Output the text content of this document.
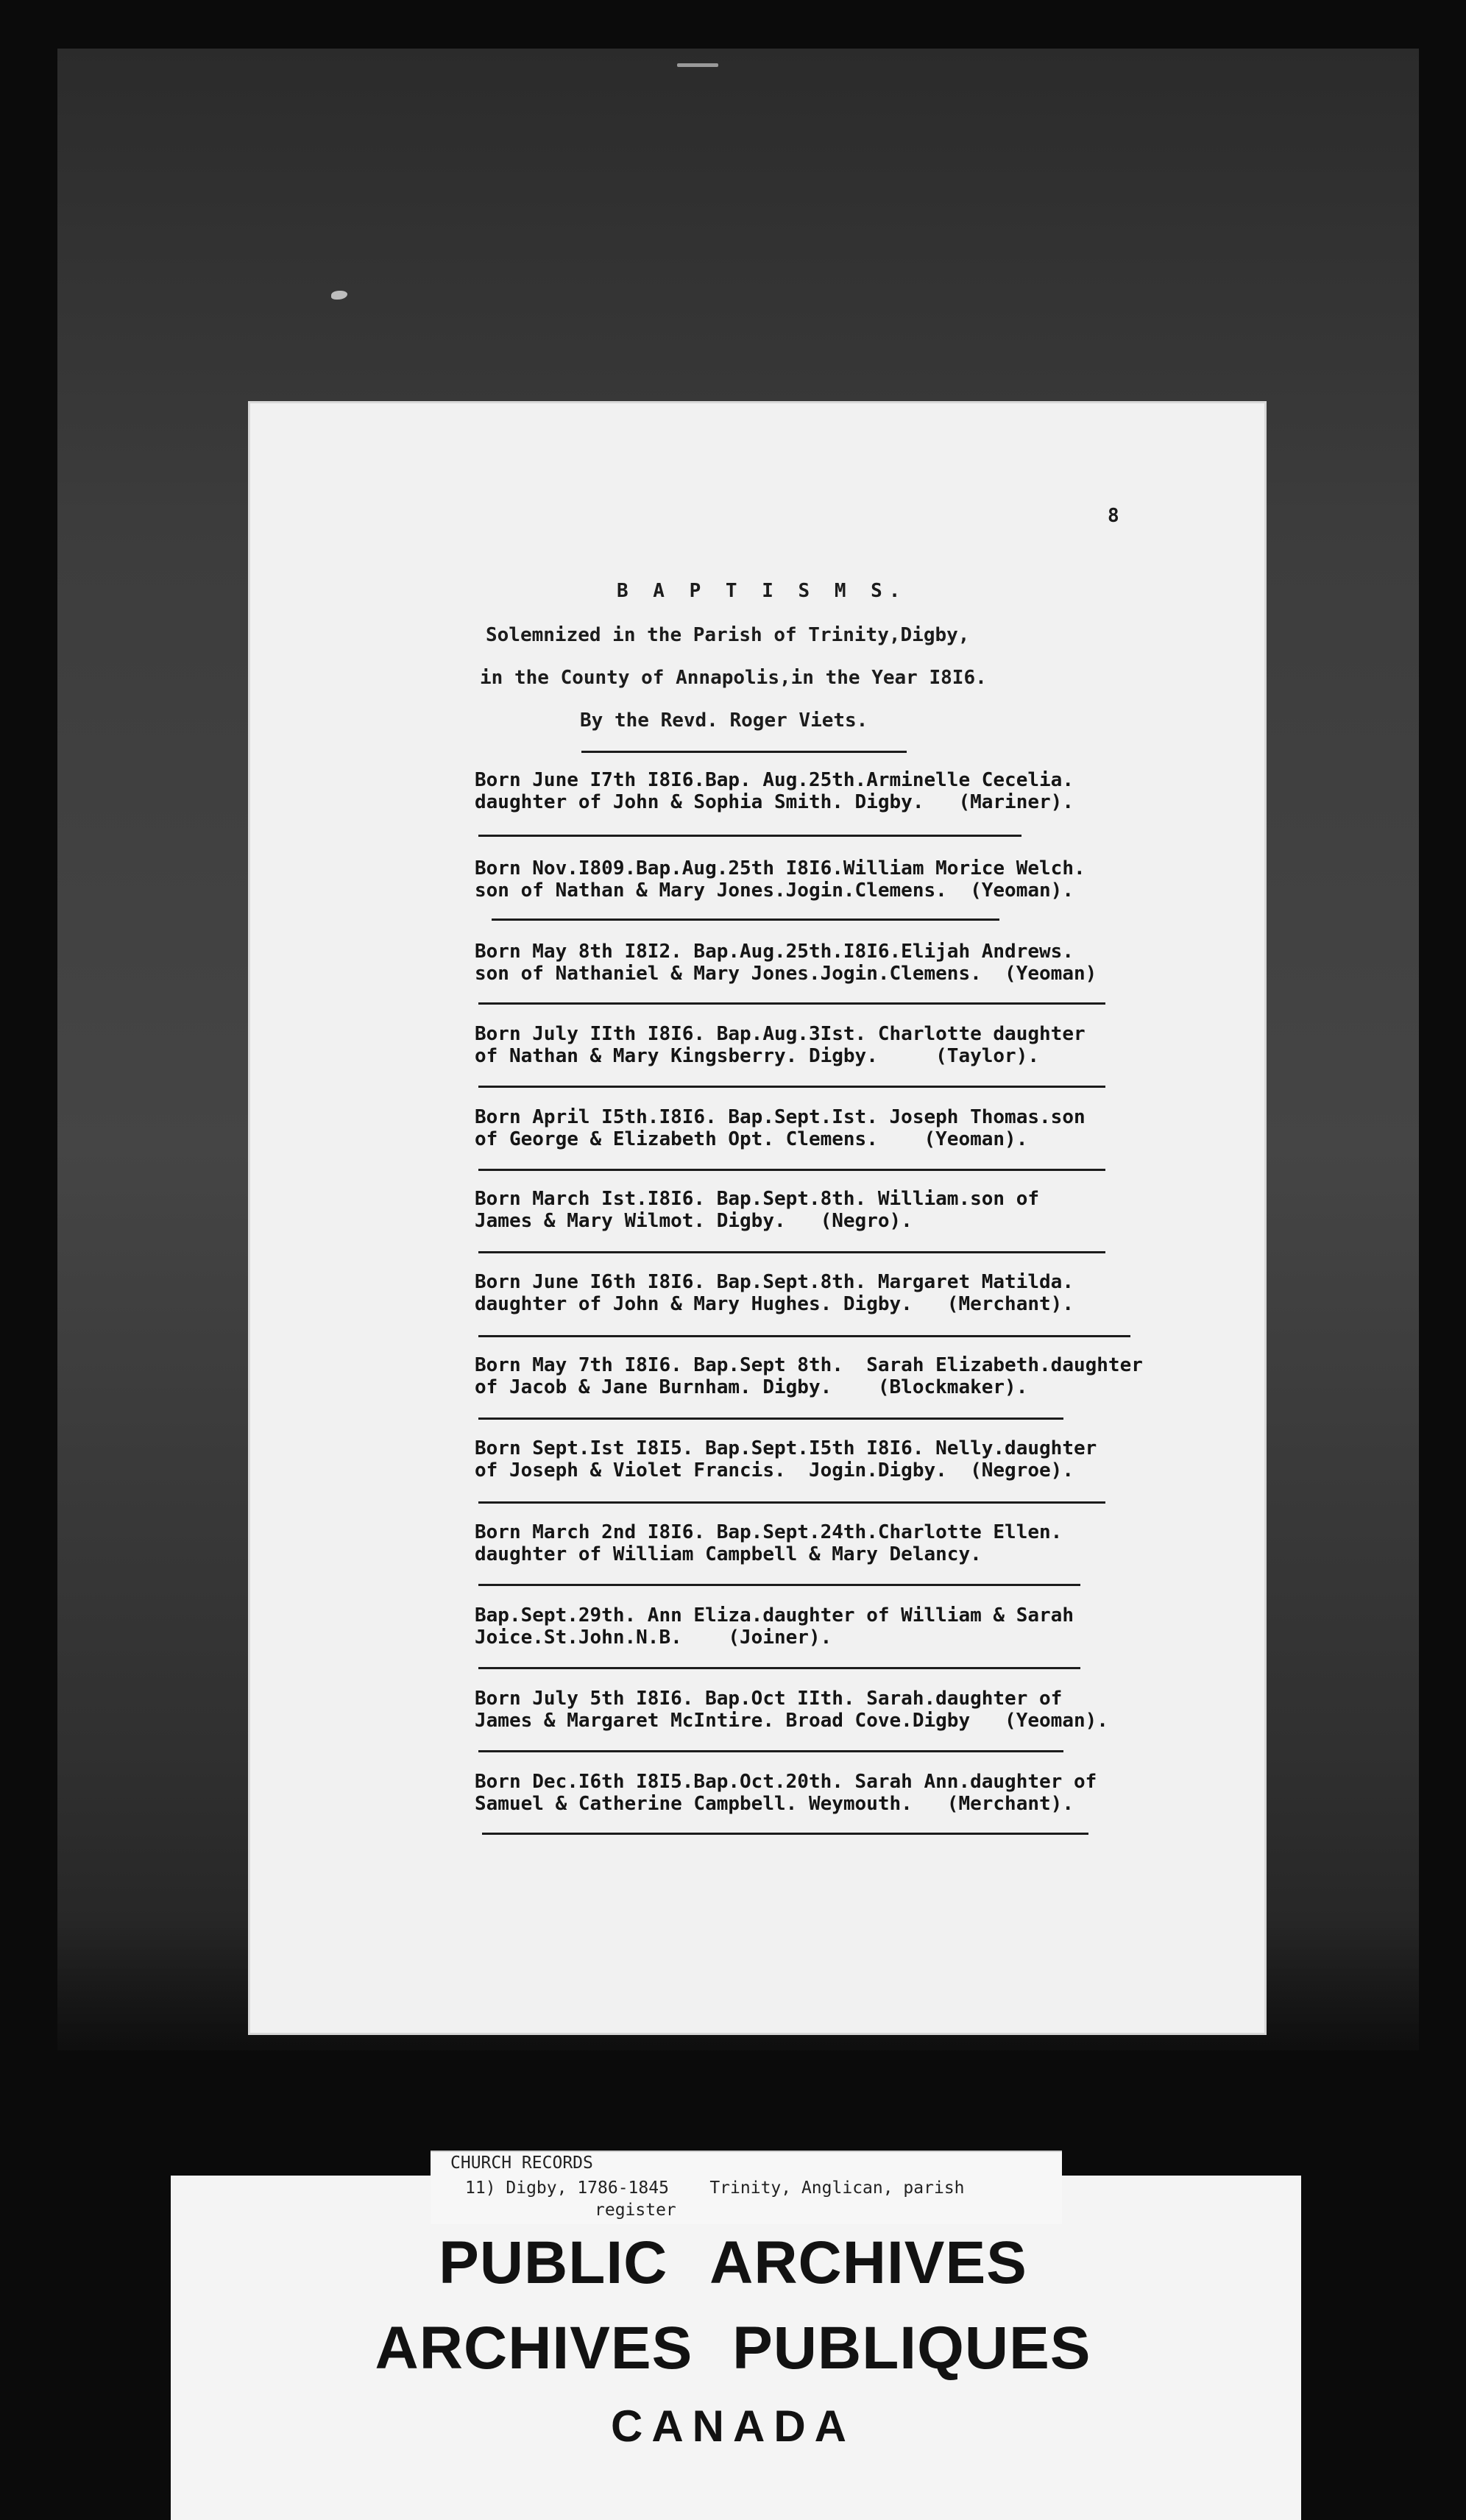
8
B A P T I S M S.
Solemnized in the Parish of Trinity,Digby,
in the County of Annapolis,in the Year I8I6.
By the Revd. Roger Viets.
Born June I7th I8I6.Bap. Aug.25th.Arminelle Cecelia.
daughter of John & Sophia Smith. Digby.   (Mariner).
Born Nov.I809.Bap.Aug.25th I8I6.William Morice Welch.
son of Nathan & Mary Jones.Jogin.Clemens.  (Yeoman).
Born May 8th I8I2. Bap.Aug.25th.I8I6.Elijah Andrews.
son of Nathaniel & Mary Jones.Jogin.Clemens.  (Yeoman)
Born July IIth I8I6. Bap.Aug.3Ist. Charlotte daughter
of Nathan & Mary Kingsberry. Digby.     (Taylor).
Born April I5th.I8I6. Bap.Sept.Ist. Joseph Thomas.son
of George & Elizabeth Opt. Clemens.    (Yeoman).
Born March Ist.I8I6. Bap.Sept.8th. William.son of
James & Mary Wilmot. Digby.   (Negro).
Born June I6th I8I6. Bap.Sept.8th. Margaret Matilda.
daughter of John & Mary Hughes. Digby.   (Merchant).
Born May 7th I8I6. Bap.Sept 8th.  Sarah Elizabeth.daughter
of Jacob & Jane Burnham. Digby.    (Blockmaker).
Born Sept.Ist I8I5. Bap.Sept.I5th I8I6. Nelly.daughter
of Joseph & Violet Francis.  Jogin.Digby.  (Negroe).
Born March 2nd I8I6. Bap.Sept.24th.Charlotte Ellen.
daughter of William Campbell & Mary Delancy.
Bap.Sept.29th. Ann Eliza.daughter of William & Sarah
Joice.St.John.N.B.    (Joiner).
Born July 5th I8I6. Bap.Oct IIth. Sarah.daughter of
James & Margaret McIntire. Broad Cove.Digby   (Yeoman).
Born Dec.I6th I8I5.Bap.Oct.20th. Sarah Ann.daughter of
Samuel & Catherine Campbell. Weymouth.   (Merchant).
CHURCH RECORDS
11) Digby, 1786-1845    Trinity, Anglican, parish
register
PUBLIC ARCHIVES
ARCHIVES PUBLIQUES
CANADA
